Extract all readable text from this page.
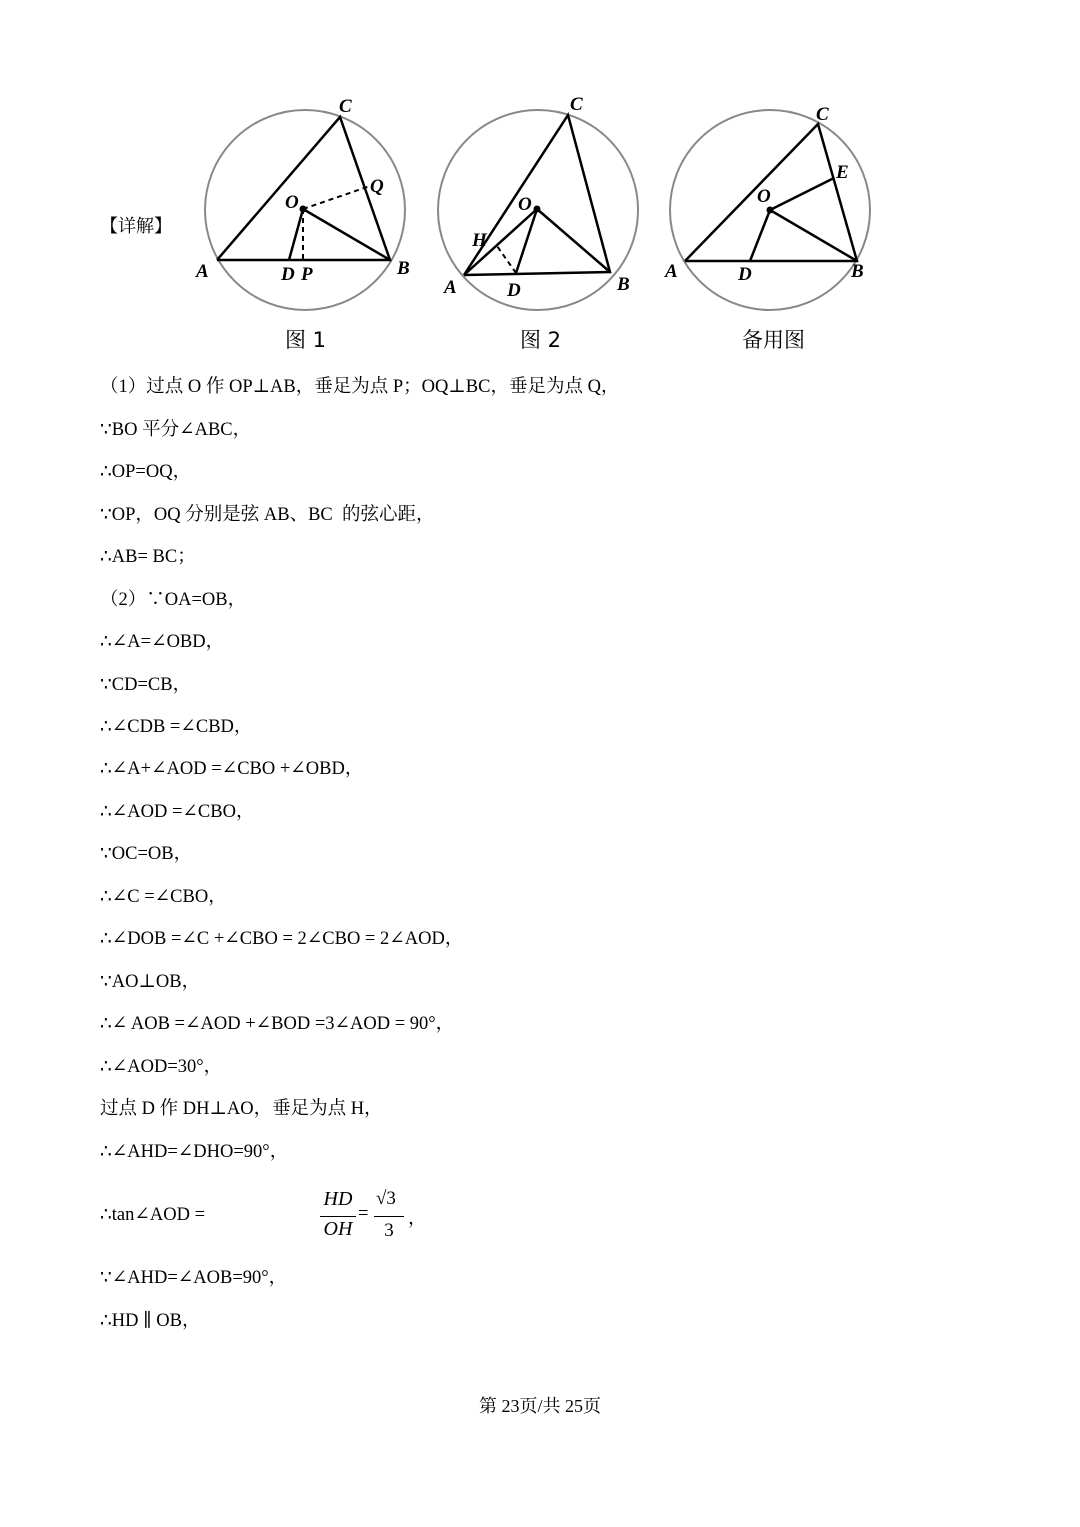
【详解】
C
O
Q
A	D P	B
图 1
C
O
H
A	D	B
图 2
C
E
O
A	D	B
备用图
（1）过点 O 作 OP⊥AB，垂足为点 P；OQ⊥BC，垂足为点 Q，
∵BO 平分∠ABC，
∴OP=OQ，
∵OP，OQ 分别是弦 AB、BC  的弦心距，
∴AB= BC；
（2）∵OA=OB，
∴∠A=∠OBD，
∵CD=CB，
∴∠CDB =∠CBD，
∴∠A+∠AOD =∠CBO +∠OBD，
∴∠AOD =∠CBO，
∵OC=OB，
∴∠C =∠CBO，
∴∠DOB =∠C +∠CBO = 2∠CBO = 2∠AOD，
∵AO⊥OB，
∴∠ AOB =∠AOD +∠BOD =3∠AOD = 90°，
∴∠AOD=30°，
过点 D 作 DH⊥AO，垂足为点 H，
∴∠AHD=∠DHO=90°，
∴tan∠AOD =
HD
OH
=
√3
3
，
∵∠AHD=∠AOB=90°，
∴HD ∥ OB，
第 23页/共 25页
